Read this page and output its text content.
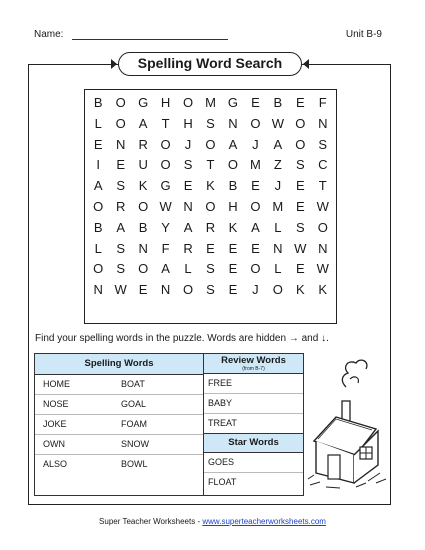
Name:	Unit B-9
Spelling Word Search
B	O G H O M G	E	B	E	F
L	O	A	T	H	S	N O W O N
E	N	R O	J	O	A	J	A	O	S
I	E	U O	S	T	O M	Z	S	C
A	S	K	G	E	K	B	E	J	E	T
O R O W N O H O M E W
B	A	B	Y	A	R	K	A	L	S	O
L	S	N	F	R	E	E	E	N W N
O	S	O	A	L	S	E	O	L	E W
N W E	N O	S	E	J	O	K	K
Find your spelling words in the puzzle. Words are hidden → and ↓.
Spelling Words
HOME	BOAT
NOSE	GOAL
JOKE	FOAM
OWN	SNOW
ALSO	BOWL
Review Words
(from B-7)
FREE
BABY
TREAT
Star Words
GOES
FLOAT
Super Teacher Worksheets - www.superteacherworksheets.com
